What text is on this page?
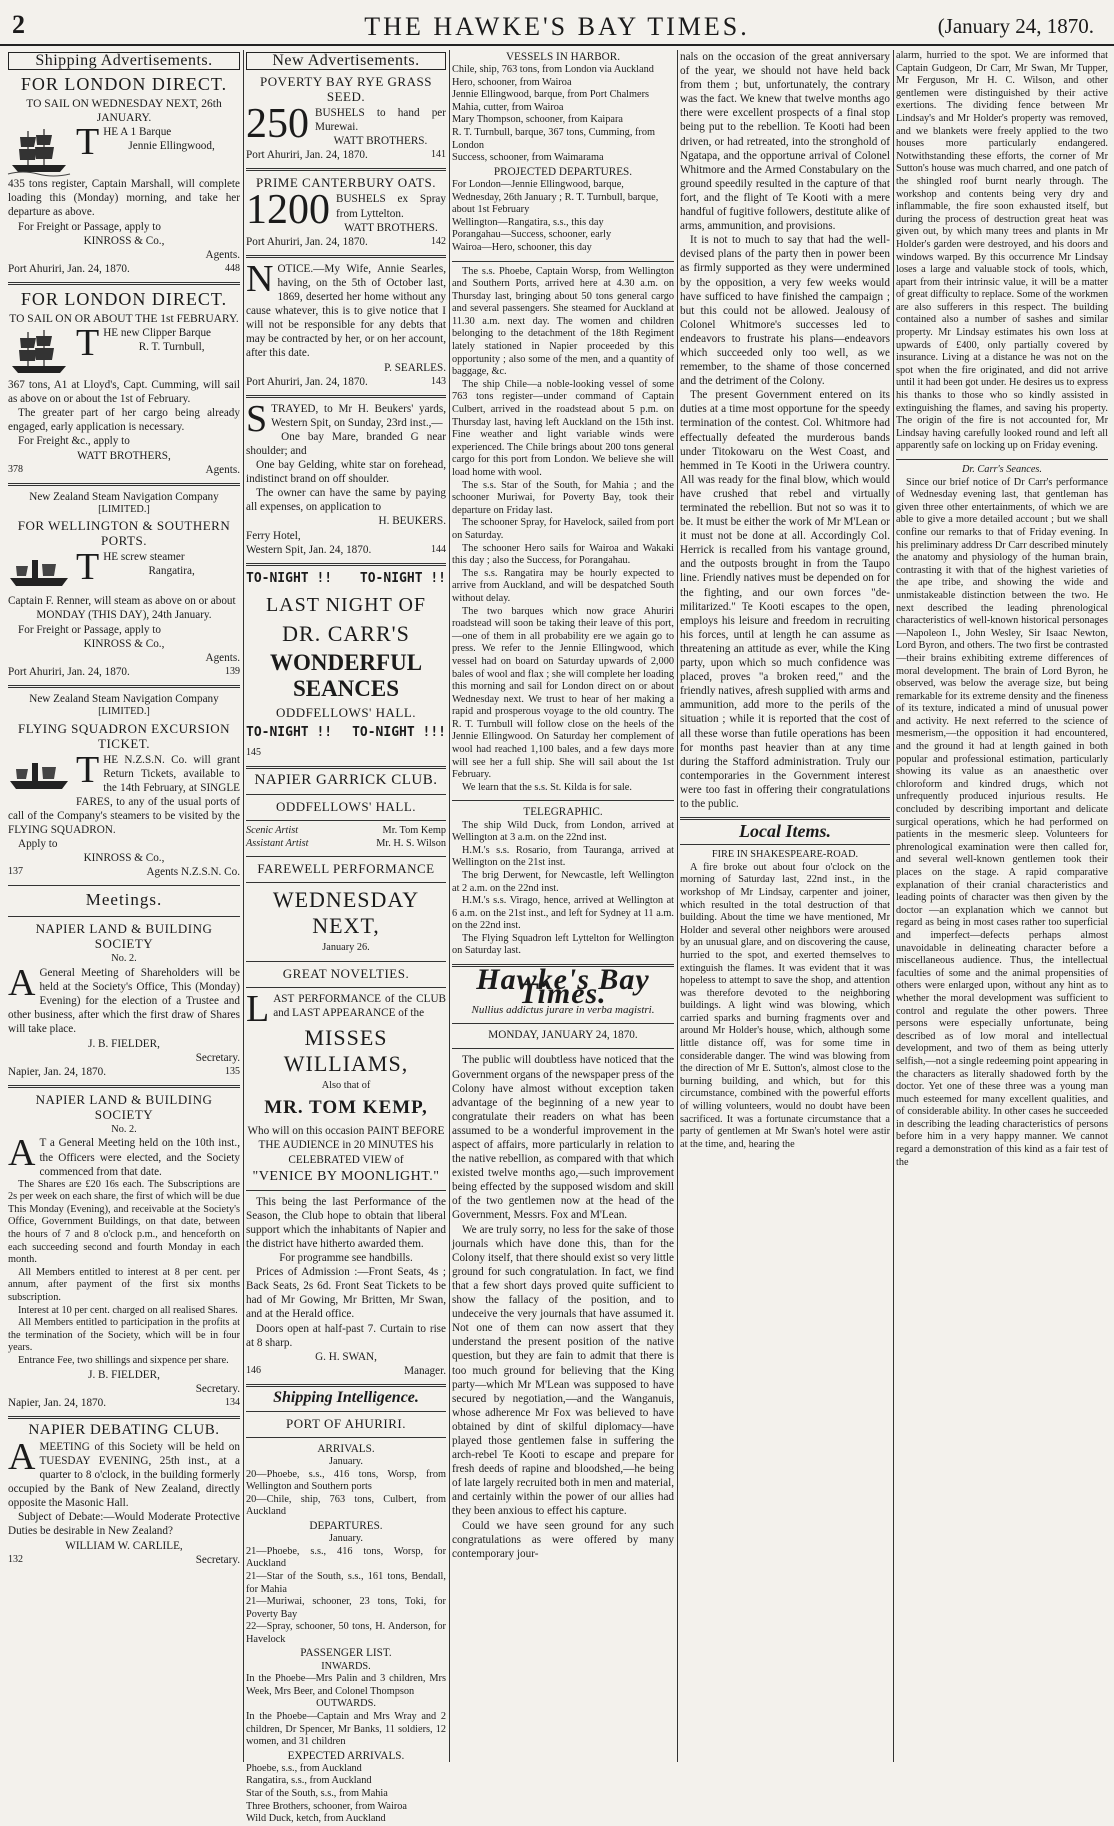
2	THE HAWKE'S BAY TIMES.	(January 24, 1870.
Shipping Advertisements.
FOR LONDON DIRECT.
TO SAIL ON WEDNESDAY NEXT, 26th JANUARY.

THE A 1 Barque

Jennie Ellingwood,

435 tons register, Captain Marshall, will complete loading this (Monday) morning, and take her departure as above.

For Freight or Passage, apply to

KINROSS & Co.,
Agents.
Port Ahuriri, Jan. 24, 1870.	448
FOR LONDON DIRECT.
TO SAIL ON OR ABOUT THE 1st FEBRUARY.

THE new Clipper Barque

R. T. Turnbull,

367 tons, A1 at Lloyd's, Capt. Cumming, will sail as above on or about the 1st of February.

The greater part of her cargo being already engaged, early application is necessary.

For Freight &c., apply to

WATT BROTHERS,
378	Agents.
New Zealand Steam Navigation Company
[LIMITED.]
FOR WELLINGTON & SOUTHERN PORTS.

THE screw steamer

Rangatira,

Captain F. Renner, will steam as above on or about

MONDAY (THIS DAY), 24th January.

For Freight or Passage, apply to

KINROSS & Co.,
Agents.
Port Ahuriri, Jan. 24, 1870.	139
New Zealand Steam Navigation Company
[LIMITED.]
FLYING SQUADRON EXCURSION TICKET.

THE N.Z.S.N. Co. will grant Return Tickets, available to the 14th February, at SINGLE FARES, to any of the usual ports of call of the Company's steamers to be visited by the FLYING SQUADRON.

Apply to

KINROSS & Co.,
137	Agents N.Z.S.N. Co.
Meetings.
NAPIER LAND & BUILDING SOCIETY
No. 2.

A General Meeting of Shareholders will be held at the Society's Office, This (Monday) Evening) for the election of a Trustee and other business, after which the first draw of Shares will take place.

J. B. FIELDER,
Secretary.
Napier, Jan. 24, 1870.	135
NAPIER LAND & BUILDING SOCIETY
No. 2.

A T a General Meeting held on the 10th inst., the Officers were elected, and the Society commenced from that date.

The Shares are £20 16s each. The Subscriptions are 2s per week on each share, the first of which will be due This Monday (Evening), and receivable at the Society's Office, Government Buildings, on that date, between the hours of 7 and 8 o'clock p.m., and henceforth on each succeeding second and fourth Monday in each month.

All Members entitled to interest at 8 per cent. per annum, after payment of the first six months subscription.

Interest at 10 per cent. charged on all realised Shares.

All Members entitled to participation in the profits at the termination of the Society, which will be in four years.

Entrance Fee, two shillings and sixpence per share.

J. B. FIELDER,
Secretary.
Napier, Jan. 24, 1870.	134
NAPIER DEBATING CLUB.

AMEETING of this Society will be held on TUESDAY EVENING, 25th inst., at a quarter to 8 o'clock, in the building formerly occupied by the Bank of New Zealand, directly opposite the Masonic Hall.

Subject of Debate:—Would Moderate Protective Duties be desirable in New Zealand?

WILLIAM W. CARLILE,
132	Secretary.
New Advertisements.
POVERTY BAY RYE GRASS SEED.

250 BUSHELS to hand per Murewai.

WATT BROTHERS.
Port Ahuriri, Jan. 24, 1870.	141
PRIME CANTERBURY OATS.

1200 BUSHELS ex Spray from Lyttelton.

WATT BROTHERS.
Port Ahuriri, Jan. 24, 1870.	142

NOTICE.—My Wife, Annie Searles, having, on the 5th of October last, 1869, deserted her home without any cause whatever, this is to give notice that I will not be responsible for any debts that may be contracted by her, or on her account, after this date.

P. SEARLES.
Port Ahuriri, Jan. 24, 1870.	143

STRAYED, to Mr H. Beukers' yards, Western Spit, on Sunday, 23rd inst.,—

One bay Mare, branded G near shoulder; and

One bay Gelding, white star on forehead, indistinct brand on off shoulder.

The owner can have the same by paying all expenses, on application to

H. BEUKERS.
Ferry Hotel,
Western Spit, Jan. 24, 1870.	144
TO-NIGHT !! TO-NIGHT !!
LAST NIGHT OF
DR. CARR'S
WONDERFUL SEANCES
ODDFELLOWS' HALL.
TO-NIGHT !! TO-NIGHT !!!
145
NAPIER GARRICK CLUB.
ODDFELLOWS' HALL.
Scenic Artist	Mr. Tom Kemp
Assistant Artist	Mr. H. S. Wilson
FAREWELL PERFORMANCE
WEDNESDAY NEXT,
January 26.
GREAT NOVELTIES.

LAST PERFORMANCE of the CLUB and LAST APPEARANCE of the

MISSES WILLIAMS,
Also that of
MR. TOM KEMP,

Who will on this occasion PAINT BEFORE THE AUDIENCE in 20 MINUTES his CELEBRATED VIEW of

"VENICE BY MOONLIGHT."

This being the last Performance of the Season, the Club hope to obtain that liberal support which the inhabitants of Napier and the district have hitherto awarded them.

For programme see handbills.

Prices of Admission :—Front Seats, 4s ; Back Seats, 2s 6d. Front Seat Tickets to be had of Mr Gowing, Mr Britten, Mr Swan, and at the Herald office.

Doors open at half-past 7. Curtain to rise at 8 sharp.

G. H. SWAN,
146	Manager.
Shipping Intelligence.
PORT OF AHURIRI.
ARRIVALS.
January.

20—Phoebe, s.s., 416 tons, Worsp, from Wellington and Southern ports

20—Chile, ship, 763 tons, Culbert, from Auckland

DEPARTURES.
January.

21—Phoebe, s.s., 416 tons, Worsp, for Auckland

21—Star of the South, s.s., 161 tons, Bendall, for Mahia

21—Muriwai, schooner, 23 tons, Toki, for Poverty Bay

22—Spray, schooner, 50 tons, H. Anderson, for Havelock

PASSENGER LIST.
INWARDS.

In the Phoebe—Mrs Palin and 3 children, Mrs Week, Mrs Beer, and Colonel Thompson

OUTWARDS.

In the Phoebe—Captain and Mrs Wray and 2 children, Dr Spencer, Mr Banks, 11 soldiers, 12 women, and 31 children

EXPECTED ARRIVALS.

Phoebe, s.s., from Auckland

Rangatira, s.s., from Auckland

Star of the South, s.s., from Mahia

Three Brothers, schooner, from Wairoa

Wild Duck, ketch, from Auckland

VESSELS IN HARBOR.

Chile, ship, 763 tons, from London via Auckland

Hero, schooner, from Wairoa

Jennie Ellingwood, barque, from Port Chalmers

Mahia, cutter, from Wairoa

Mary Thompson, schooner, from Kaipara

R. T. Turnbull, barque, 367 tons, Cumming, from London

Success, schooner, from Waimarama

PROJECTED DEPARTURES.

For London—Jennie Ellingwood, barque, Wednesday, 26th January ; R. T. Turnbull, barque, about 1st February

Wellington—Rangatira, s.s., this day

Porangahau—Success, schooner, early

Wairoa—Hero, schooner, this day

The s.s. Phoebe, Captain Worsp, from Wellington and Southern Ports, arrived here at 4.30 a.m. on Thursday last, bringing about 50 tons general cargo and several passengers. She steamed for Auckland at 11.30 a.m. next day. The women and children belonging to the detachment of the 18th Regiment lately stationed in Napier proceeded by this opportunity ; also some of the men, and a quantity of baggage, &c.

The ship Chile—a noble-looking vessel of some 763 tons register—under command of Captain Culbert, arrived in the roadstead about 5 p.m. on Thursday last, having left Auckland on the 15th inst. Fine weather and light variable winds were experienced. The Chile brings about 200 tons general cargo for this port from London. We believe she will load home with wool.

The s.s. Star of the South, for Mahia ; and the schooner Muriwai, for Poverty Bay, took their departure on Friday last.

The schooner Spray, for Havelock, sailed from port on Saturday.

The schooner Hero sails for Wairoa and Wakaki this day ; also the Success, for Porangahau.

The s.s. Rangatira may be hourly expected to arrive from Auckland, and will be despatched South without delay.

The two barques which now grace Ahuriri roadstead will soon be taking their leave of this port,—one of them in all probability ere we again go to press. We refer to the Jennie Ellingwood, which vessel had on board on Saturday upwards of 2,000 bales of wool and flax ; she will complete her loading this morning and sail for London direct on or about Wednesday next. We trust to hear of her making a rapid and prosperous voyage to the old country. The R. T. Turnbull will follow close on the heels of the Jennie Ellingwood. On Saturday her complement of wool had reached 1,100 bales, and a few days more will see her a full ship. She will sail about the 1st February.

We learn that the s.s. St. Kilda is for sale.

TELEGRAPHIC.

The ship Wild Duck, from London, arrived at Wellington at 3 a.m. on the 22nd inst.

H.M.'s s.s. Rosario, from Tauranga, arrived at Wellington on the 21st inst.

The brig Derwent, for Newcastle, left Wellington at 2 a.m. on the 22nd inst.

H.M.'s s.s. Virago, hence, arrived at Wellington at 6 a.m. on the 21st inst., and left for Sydney at 11 a.m. on the 22nd inst.

The Flying Squadron left Lyttelton for Wellington on Saturday last.

Hawke's Bay Times.
Nullius addictus jurare in verba magistri.
MONDAY, JANUARY 24, 1870.

The public will doubtless have noticed that the Government organs of the newspaper press of the Colony have almost without exception taken advantage of the beginning of a new year to congratulate their readers on what has been assumed to be a wonderful improvement in the aspect of affairs, more particularly in relation to the native rebellion, as compared with that which existed twelve months ago,—such improvement being effected by the supposed wisdom and skill of the two gentlemen now at the head of the Government, Messrs. Fox and M'Lean.

We are truly sorry, no less for the sake of those journals which have done this, than for the Colony itself, that there should exist so very little ground for such congratulation. In fact, we find that a few short days proved quite sufficient to show the fallacy of the position, and to undeceive the very journals that have assumed it. Not one of them can now assert that they understand the present position of the native question, but they are fain to admit that there is too much ground for believing that the King party—which Mr M'Lean was supposed to have secured by negotiation,—and the Wanganuis, whose adherence Mr Fox was believed to have obtained by dint of skilful diplomacy—have played those gentlemen false in suffering the arch-rebel Te Kooti to escape and prepare for fresh deeds of rapine and bloodshed,—he being of late largely recruited both in men and material, and certainly within the power of our allies had they been anxious to effect his capture.

Could we have seen ground for any such congratulations as were offered by many contemporary jour-

nals on the occasion of the great anniversary of the year, we should not have held back from them ; but, unfortunately, the contrary was the fact. We knew that twelve months ago there were excellent prospects of a final stop being put to the rebellion. Te Kooti had been driven, or had retreated, into the stronghold of Ngatapa, and the opportune arrival of Colonel Whitmore and the Armed Constabulary on the ground speedily resulted in the capture of that fort, and the flight of Te Kooti with a mere handful of fugitive followers, destitute alike of arms, ammunition, and provisions.

It is not to much to say that had the well-devised plans of the party then in power been as firmly supported as they were undermined by the opposition, a very few weeks would have sufficed to have finished the campaign ; but this could not be allowed. Jealousy of Colonel Whitmore's successes led to endeavors to frustrate his plans—endeavors which succeeded only too well, as we remember, to the shame of those concerned and the detriment of the Colony.

The present Government entered on its duties at a time most opportune for the speedy termination of the contest. Col. Whitmore had effectually defeated the murderous bands under Titokowaru on the West Coast, and hemmed in Te Kooti in the Uriwera country. All was ready for the final blow, which would have crushed that rebel and virtually terminated the rebellion. But not so was it to be. It must be either the work of Mr M'Lean or it must not be done at all. Accordingly Col. Herrick is recalled from his vantage ground, and the outposts brought in from the Taupo line. Friendly natives must be depended on for the fighting, and our own forces "de-militarized." Te Kooti escapes to the open, employs his leisure and freedom in recruiting his forces, until at length he can assume as threatening an attitude as ever, while the King party, upon which so much confidence was placed, proves "a broken reed," and the friendly natives, afresh supplied with arms and ammunition, add more to the perils of the situation ; while it is reported that the cost of all these worse than futile operations has been for months past heavier than at any time during the Stafford administration. Truly our contemporaries in the Government interest were too fast in offering their congratulations to the public.

Local Items.
FIRE IN SHAKESPEARE-ROAD.

A fire broke out about four o'clock on the morning of Saturday last, 22nd inst., in the workshop of Mr Lindsay, carpenter and joiner, which resulted in the total destruction of that building. About the time we have mentioned, Mr Holder and several other neighbors were aroused by an unusual glare, and on discovering the cause, hurried to the spot, and exerted themselves to extinguish the flames. It was evident that it was hopeless to attempt to save the shop, and attention was therefore devoted to the neighboring buildings. A light wind was blowing, which carried sparks and burning fragments over and around Mr Holder's house, which, although some little distance off, was for some time in considerable danger. The wind was blowing from the direction of Mr E. Sutton's, almost close to the burning building, and which, but for this circumstance, combined with the powerful efforts of willing volunteers, would no doubt have been sacrificed. It was a fortunate circumstance that a party of gentlemen at Mr Swan's hotel were astir at the time, and, hearing the

alarm, hurried to the spot. We are informed that Captain Gudgeon, Dr Carr, Mr Swan, Mr Tupper, Mr Ferguson, Mr H. C. Wilson, and other gentlemen were distinguished by their active exertions. The dividing fence between Mr Lindsay's and Mr Holder's property was removed, and we blankets were freely applied to the two houses more particularly endangered. Notwithstanding these efforts, the corner of Mr Sutton's house was much charred, and one patch of the shingled roof burnt nearly through. The workshop and contents being very dry and inflammable, the fire soon exhausted itself, but during the process of destruction great heat was given out, by which many trees and plants in Mr Holder's garden were destroyed, and his doors and windows warped. By this occurrence Mr Lindsay loses a large and valuable stock of tools, which, apart from their intrinsic value, it will be a matter of great difficulty to replace. Some of the workmen are also sufferers in this respect. The building contained also a number of sashes and similar property. Mr Lindsay estimates his own loss at upwards of £400, only partially covered by insurance. Living at a distance he was not on the spot when the fire originated, and did not arrive until it had been got under. He desires us to express his thanks to those who so kindly assisted in extinguishing the flames, and saving his property. The origin of the fire is not accounted for, Mr Lindsay having carefully looked round and left all apparently safe on locking up on Friday evening.

Dr. Carr's Seances.

Since our brief notice of Dr Carr's performance of Wednesday evening last, that gentleman has given three other entertainments, of which we are able to give a more detailed account ; but we shall confine our remarks to that of Friday evening. In his preliminary address Dr Carr described minutely the anatomy and physiology of the human brain, contrasting it with that of the highest varieties of the ape tribe, and showing the wide and unmistakeable distinction between the two. He next described the leading phrenological characteristics of well-known historical personages—Napoleon I., John Wesley, Sir Isaac Newton, Lord Byron, and others. The two first be contrasted—their brains exhibiting extreme differences of moral development. The brain of Lord Byron, he observed, was below the average size, but being remarkable for its extreme density and the fineness of its texture, indicated a mind of unusual power and activity. He next referred to the science of mesmerism,—the opposition it had encountered, and the ground it had at length gained in both popular and professional estimation, particularly showing its value as an anaesthetic over chloroform and kindred drugs, which not unfrequently produced injurious results. He concluded by describing important and delicate surgical operations, which he had performed on patients in the mesmeric sleep. Volunteers for phrenological examination were then called for, and several well-known gentlemen took their places on the stage. A rapid comparative explanation of their cranial characteristics and leading points of character was then given by the doctor —an explanation which we cannot but regard as being in most cases rather too superficial and imperfect—defects perhaps almost unavoidable in delineating character before a miscellaneous audience. Thus, the intellectual faculties of some and the animal propensities of others were enlarged upon, without any hint as to whether the moral development was sufficient to control and regulate the other powers. Three persons were especially unfortunate, being described as of low moral and intellectual development, and two of them as being utterly selfish,—not a single redeeming point appearing in the characters as literally shadowed forth by the doctor. Yet one of these three was a young man much esteemed for many excellent qualities, and of considerable ability. In other cases he succeeded in describing the leading characteristics of persons before him in a very happy manner. We cannot regard a demonstration of this kind as a fair test of the
